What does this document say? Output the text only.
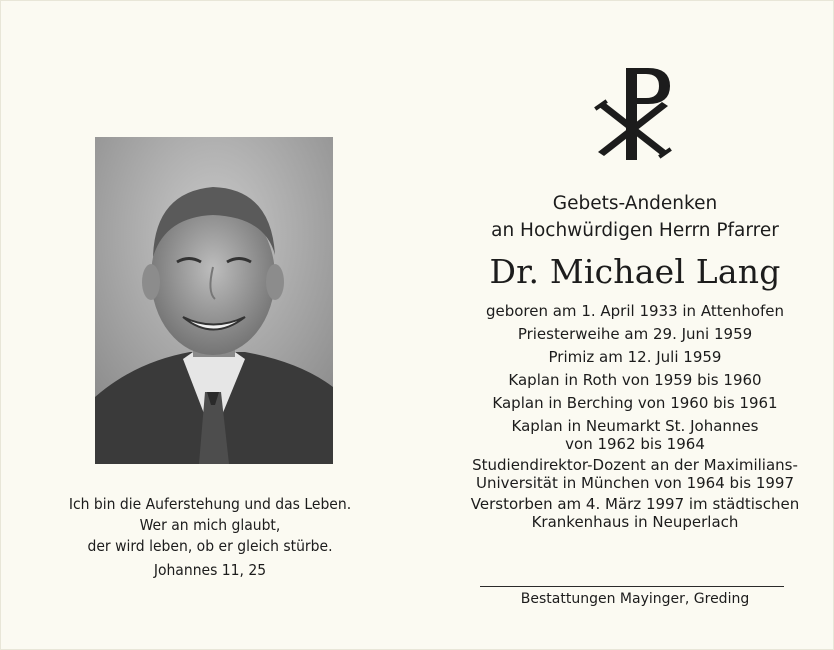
Ich bin die Auferstehung und das Leben.
Wer an mich glaubt,
der wird leben, ob er gleich stürbe.
Johannes 11, 25
Gebets-Andenken
an Hochwürdigen Herrn Pfarrer
Dr. Michael Lang
geboren am 1. April 1933 in Attenhofen
Priesterweihe am 29. Juni 1959
Primiz am 12. Juli 1959
Kaplan in Roth von 1959 bis 1960
Kaplan in Berching von 1960 bis 1961
Kaplan in Neumarkt St. Johannes
von 1962 bis 1964
Studiendirektor-Dozent an der Maximilians-
Universität in München von 1964 bis 1997
Verstorben am 4. März 1997 im städtischen
Krankenhaus in Neuperlach
Bestattungen Mayinger, Greding
